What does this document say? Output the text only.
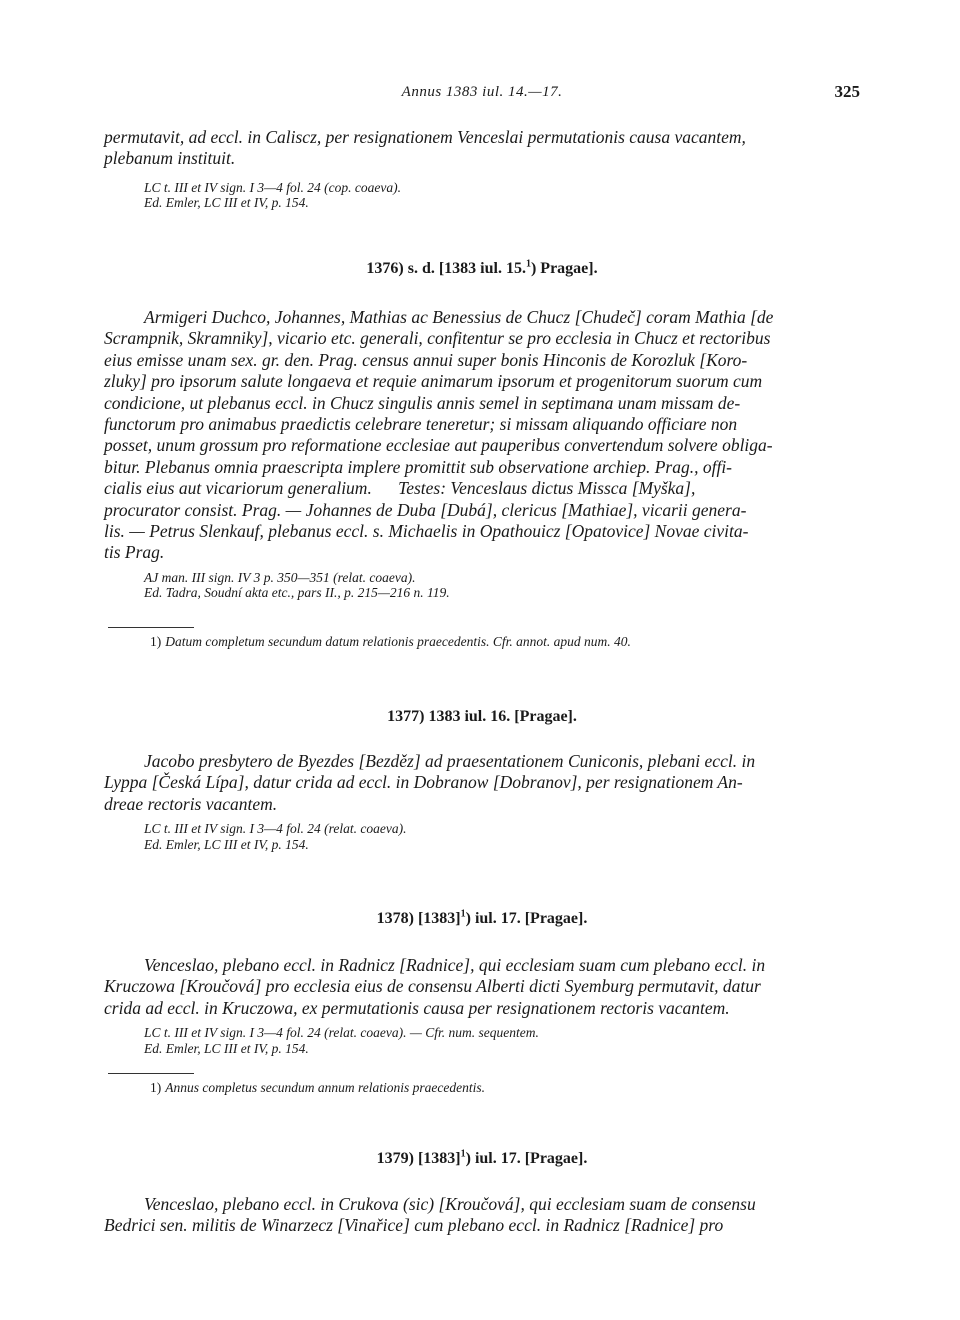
Annus 1383 iul. 14.—17.	325

permutavit, ad eccl. in Caliscz, per resignationem Venceslai permutationis causa vacantem,

plebanum instituit.

LC t. III et IV sign. I 3—4 fol. 24 (cop. coaeva).
Ed. Emler, LC III et IV, p. 154.
1376) s. d. [1383 iul. 15.$^1$) Pragae].

Armigeri Duchco, Johannes, Mathias ac Benessius de Chucz [Chudeč] coram Mathia [de

Scrampnik, Skramniky], vicario etc. generali, confitentur se pro ecclesia in Chucz et rectoribus

eius emisse unam sex. gr. den. Prag. census annui super bonis Hinconis de Korozluk [Koro-

zluky] pro ipsorum salute longaeva et requie animarum ipsorum et progenitorum suorum cum

condicione, ut plebanus eccl. in Chucz singulis annis semel in septimana unam missam de-

functorum pro animabus praedictis celebrare teneretur; si missam aliquando officiare non

posset, unum grossum pro reformatione ecclesiae aut pauperibus convertendum solvere obliga-

bitur. Plebanus omnia praescripta implere promittit sub observatione archiep. Prag., offi-

cialis eius aut vicariorum generalium.      Testes: Venceslaus dictus Missca [Myška],

procurator consist. Prag. — Johannes de Duba [Dubá], clericus [Mathiae], vicarii genera-

lis. — Petrus Slenkauf, plebanus eccl. s. Michaelis in Opathouicz [Opatovice] Novae civita-

tis Prag.

AJ man. III sign. IV 3 p. 350—351 (relat. coaeva).
Ed. Tadra, Soudní akta etc., pars II., p. 215—216 n. 119.
1) Datum completum secundum datum relationis praecedentis. Cfr. annot. apud num. 40.
1377) 1383 iul. 16. [Pragae].

Jacobo presbytero de Byezdes [Bezděz] ad praesentationem Cuniconis, plebani eccl. in

Lyppa [Česká Lípa], datur crida ad eccl. in Dobranow [Dobranov], per resignationem An-

dreae rectoris vacantem.

LC t. III et IV sign. I 3—4 fol. 24 (relat. coaeva).
Ed. Emler, LC III et IV, p. 154.
1378) $[1383]^1$) iul. 17. [Pragae].

Venceslao, plebano eccl. in Radnicz [Radnice], qui ecclesiam suam cum plebano eccl. in

Kruczowa [Kroučová] pro ecclesia eius de consensu Alberti dicti Syemburg permutavit, datur

crida ad eccl. in Kruczowa, ex permutationis causa per resignationem rectoris vacantem.

LC t. III et IV sign. I 3—4 fol. 24 (relat. coaeva). — Cfr. num. sequentem.
Ed. Emler, LC III et IV, p. 154.
1) Annus completus secundum annum relationis praecedentis.
1379) $[1383]^1$) iul. 17. [Pragae].

Venceslao, plebano eccl. in Crukova (sic) [Kroučová], qui ecclesiam suam de consensu

Bedrici sen. militis de Winarzecz [Vinařice] cum plebano eccl. in Radnicz [Radnice] pro
